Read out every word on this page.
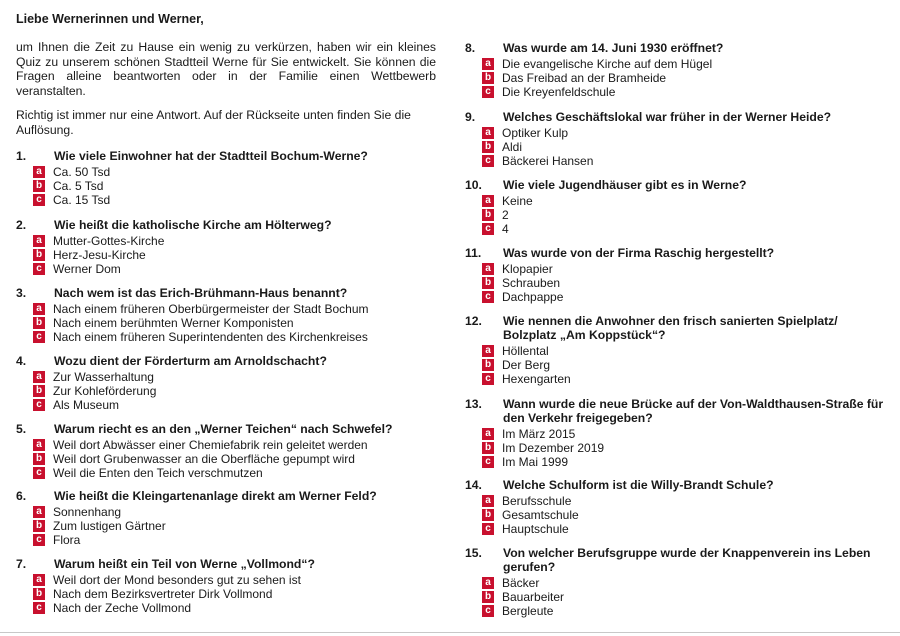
Liebe Wernerinnen und Werner,
um Ihnen die Zeit zu Hause ein wenig zu verkürzen, haben wir ein kleines Quiz zu unserem schönen Stadtteil Werne für Sie entwickelt. Sie können die Fragen alleine beantworten oder in der Familie einen Wettbewerb veranstalten.
Richtig ist immer nur eine Antwort. Auf der Rückseite unten finden Sie die Auflösung.
1.	Wie viele Einwohner hat der Stadtteil Bochum-Werne?
a Ca. 50 Tsd
b Ca. 5 Tsd
c Ca. 15 Tsd
2.	Wie heißt die katholische Kirche am Hölterweg?
a Mutter-Gottes-Kirche
b Herz-Jesu-Kirche
c Werner Dom
3.	Nach wem ist das Erich-Brühmann-Haus benannt?
a Nach einem früheren Oberbürgermeister der Stadt Bochum
b Nach einem berühmten Werner Komponisten
c Nach einem früheren Superintendenten des Kirchenkreises
4.	Wozu dient der Förderturm am Arnoldschacht?
a Zur Wasserhaltung
b Zur Kohleförderung
c Als Museum
5.	Warum riecht es an den „Werner Teichen“ nach Schwefel?
a Weil dort Abwässer einer Chemiefabrik rein geleitet werden
b Weil dort Grubenwasser an die Oberfläche gepumpt wird
c Weil die Enten den Teich verschmutzen
6.	Wie heißt die Kleingartenanlage direkt am Werner Feld?
a Sonnenhang
b Zum lustigen Gärtner
c Flora
7.	Warum heißt ein Teil von Werne „Vollmond“?
a Weil dort der Mond besonders gut zu sehen ist
b Nach dem Bezirksvertreter Dirk Vollmond
c Nach der Zeche Vollmond
8.	Was wurde am 14. Juni 1930 eröffnet?
a Die evangelische Kirche auf dem Hügel
b Das Freibad an der Bramheide
c Die Kreyenfeldschule
9.	Welches Geschäftslokal war früher in der Werner Heide?
a Optiker Kulp
b Aldi
c Bäckerei Hansen
10.	Wie viele Jugendhäuser gibt es in Werne?
a Keine
b 2
c 4
11.	Was wurde von der Firma Raschig hergestellt?
a Klopapier
b Schrauben
c Dachpappe
12.	Wie nennen die Anwohner den frisch sanierten Spielplatz/ Bolzplatz „Am Koppstück“?
a Höllental
b Der Berg
c Hexengarten
13.	Wann wurde die neue Brücke auf der Von-Waldthausen-Straße für den Verkehr freigegeben?
a Im März 2015
b Im Dezember 2019
c Im Mai 1999
14.	Welche Schulform ist die Willy-Brandt Schule?
a Berufsschule
b Gesamtschule
c Hauptschule
15.	Von welcher Berufsgruppe wurde der Knappenverein ins Leben gerufen?
a Bäcker
b Bauarbeiter
c Bergleute
